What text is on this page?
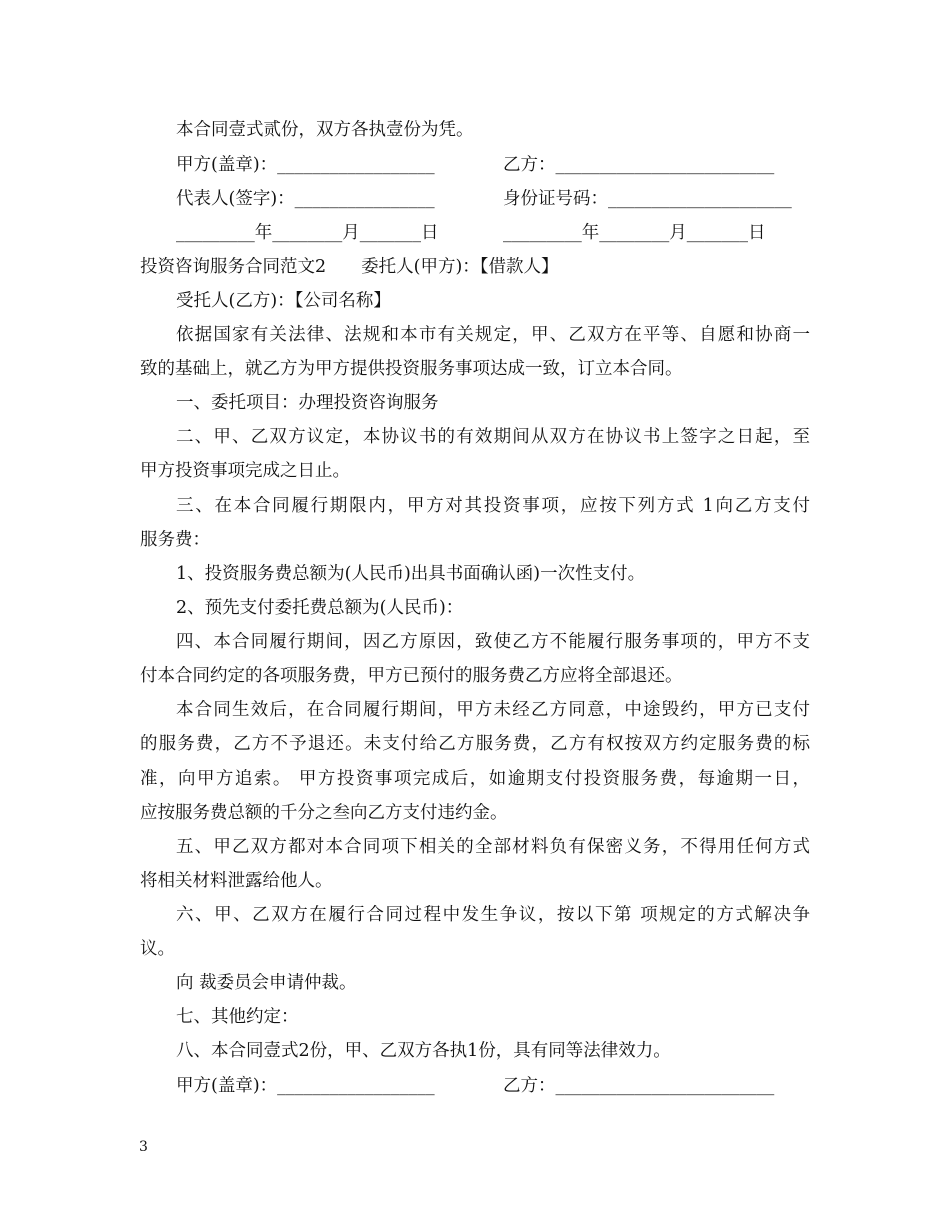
本合同壹式贰份，双方各执壹份为凭。
甲方(盖章)：__________________	乙方：_________________________
代表人(签字)：________________	身份证号码：_____________________
_________年________月_______日	_________年________月_______日
投资咨询服务合同范文2　　委托人(甲方)：【借款人】
受托人(乙方)：【公司名称】
依据国家有关法律、法规和本市有关规定，甲、乙双方在平等、自愿和协商一
致的基础上，就乙方为甲方提供投资服务事项达成一致，订立本合同。
一、委托项目：办理投资咨询服务
二、甲、乙双方议定，本协议书的有效期间从双方在协议书上签字之日起，至
甲方投资事项完成之日止。
三、在本合同履行期限内，甲方对其投资事项，应按下列方式 1向乙方支付
服务费：
1、投资服务费总额为(人民币)出具书面确认函)一次性支付。
2、预先支付委托费总额为(人民币)：
四、本合同履行期间，因乙方原因，致使乙方不能履行服务事项的，甲方不支
付本合同约定的各项服务费，甲方已预付的服务费乙方应将全部退还。
本合同生效后，在合同履行期间，甲方未经乙方同意，中途毁约，甲方已支付
的服务费，乙方不予退还。未支付给乙方服务费，乙方有权按双方约定服务费的标
准，向甲方追索。 甲方投资事项完成后，如逾期支付投资服务费，每逾期一日，
应按服务费总额的千分之叁向乙方支付违约金。
五、甲乙双方都对本合同项下相关的全部材料负有保密义务，不得用任何方式
将相关材料泄露给他人。
六、甲、乙双方在履行合同过程中发生争议，按以下第 项规定的方式解决争
议。
向 裁委员会申请仲裁。
七、其他约定：
八、本合同壹式2份，甲、乙双方各执1份，具有同等法律效力。
甲方(盖章)：__________________	乙方：_________________________
3
